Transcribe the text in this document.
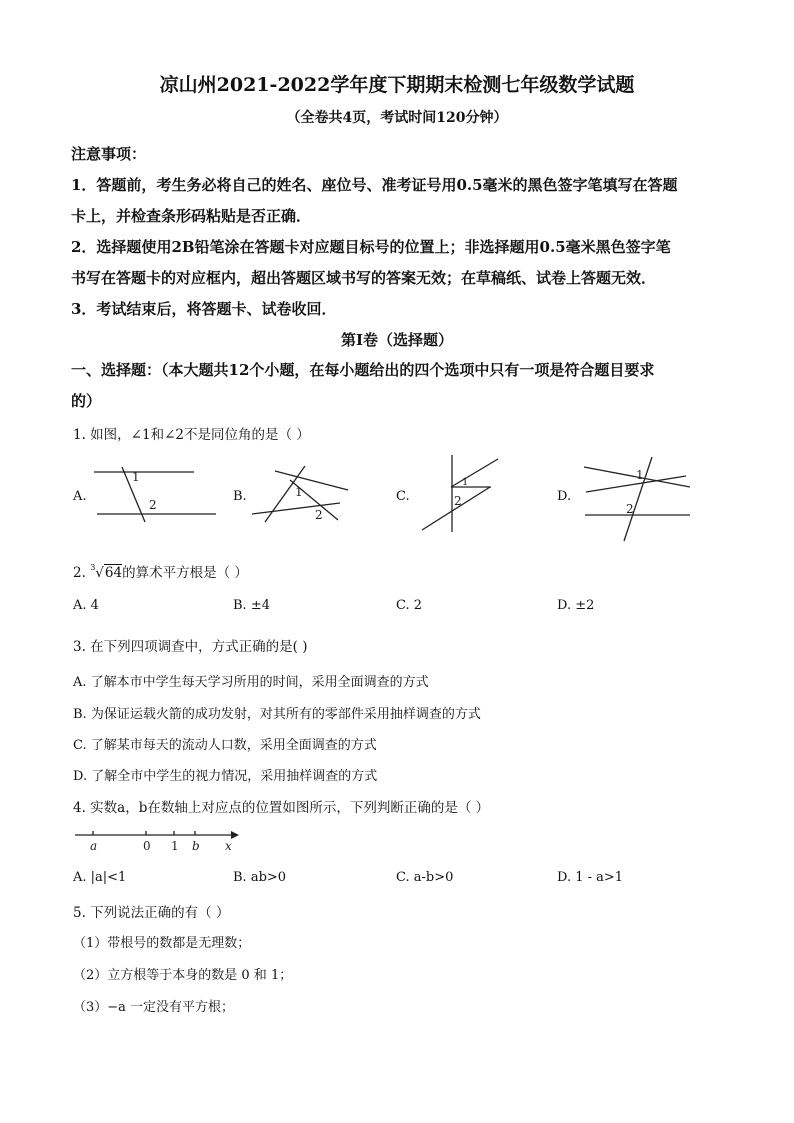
凉山州2021-2022学年度下期期末检测七年级数学试题
（全卷共4页，考试时间120分钟）
注意事项：
1．答题前，考生务必将自己的姓名、座位号、准考证号用0.5毫米的黑色签字笔填写在答题
卡上，并检查条形码粘贴是否正确．
2．选择题使用2B铅笔涂在答题卡对应题目标号的位置上；非选择题用0.5毫米黑色签字笔
书写在答题卡的对应框内，超出答题区域书写的答案无效；在草稿纸、试卷上答题无效．
3．考试结束后，将答题卡、试卷收回．
第Ⅰ卷（选择题）
一、选择题：（本大题共12个小题，在每小题给出的四个选项中只有一项是符合题目要求
的）
1. 如图，∠1和∠2不是同位角的是（ ）
A.
1
2
B.	1
2
C.
1
2	D.
1
2
2. $^3$√64的算术平方根是（ ）
A. 4	B. ±4	C. 2	D. ±2
3. 在下列四项调查中，方式正确的是( )
A. 了解本市中学生每天学习所用的时间，采用全面调查的方式
B. 为保证运载火箭的成功发射，对其所有的零部件采用抽样调查的方式
C. 了解某市每天的流动人口数，采用全面调查的方式
D. 了解全市中学生的视力情况，采用抽样调查的方式
4. 实数a，b在数轴上对应点的位置如图所示，下列判断正确的是（ ）
a	0 1 b x
A. |a|<1	B. ab>0	C. a-b>0	D. 1 - a>1
5. 下列说法正确的有（ ）
（1）带根号的数都是无理数；
（2）立方根等于本身的数是 0 和 1；
（3）−a 一定没有平方根；
